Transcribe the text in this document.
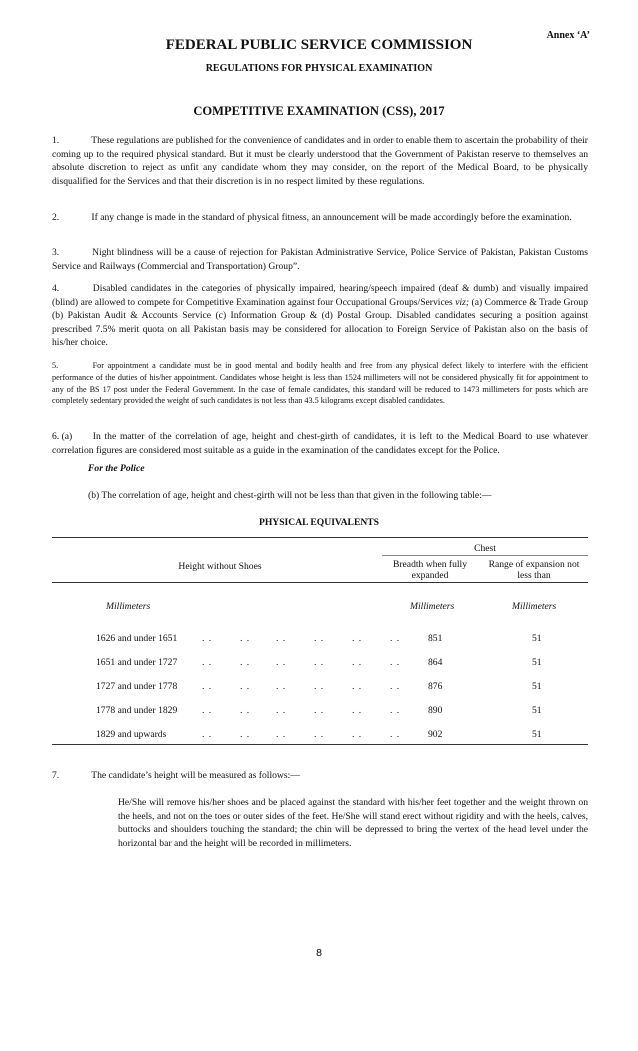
Annex ‘A’
FEDERAL PUBLIC SERVICE COMMISSION
REGULATIONS FOR PHYSICAL EXAMINATION
COMPETITIVE EXAMINATION (CSS), 2017
1.	These regulations are published for the convenience of candidates and in order to enable them to ascertain the probability of their coming up to the required physical standard. But it must be clearly understood that the Government of Pakistan reserve to themselves an absolute discretion to reject as unfit any candidate whom they may consider, on the report of the Medical Board, to be physically disqualified for the Services and that their discretion is in no respect limited by these regulations.
2.	If any change is made in the standard of physical fitness, an announcement will be made accordingly before the examination.
3.	Night blindness will be a cause of rejection for Pakistan Administrative Service, Police Service of Pakistan, Pakistan Customs Service and Railways (Commercial and Transportation) Group”.
4.	Disabled candidates in the categories of physically impaired, hearing/speech impaired (deaf & dumb) and visually impaired (blind) are allowed to compete for Competitive Examination against four Occupational Groups/Services viz; (a) Commerce & Trade Group (b) Pakistan Audit & Accounts Service (c) Information Group & (d) Postal Group. Disabled candidates securing a position against prescribed 7.5% merit quota on all Pakistan basis may be considered for allocation to Foreign Service of Pakistan also on the basis of his/her choice.
5.	For appointment a candidate must be in good mental and bodily health and free from any physical defect likely to interfere with the efficient performance of the duties of his/her appointment. Candidates whose height is less than 1524 millimeters will not be considered physically fit for appointment to any of the BS 17 post under the Federal Government. In the case of female candidates, this standard will be reduced to 1473 millimeters for posts which are completely sedentary provided the weight of such candidates is not less than 43.5 kilograms except disabled candidates.
6. (a) In the matter of the correlation of age, height and chest-girth of candidates, it is left to the Medical Board to use whatever correlation figures are considered most suitable as a guide in the examination of the candidates except for the Police.
For the Police
(b) The correlation of age, height and chest-girth will not be less than that given in the following table:—
PHYSICAL EQUIVALENTS
Chest
Height without Shoes	Breadth when fully expanded
Range of expansion not less than
Millimeters	Millimeters	Millimeters
1626 and under 1651	. .	. .	. .	. .	. .	. .	851	51
1651 and under 1727	. .	. .	. .	. .	. .	. .	864	51
1727 and under 1778	. .	. .	. .	. .	. .	. .	876	51
1778 and under 1829	. .	. .	. .	. .	. .	. .	890	51
1829 and upwards	. .	. .	. .	. .	. .	. .	902	51
7.	The candidate’s height will be measured as follows:—
He/She will remove his/her shoes and be placed against the standard with his/her feet together and the weight thrown on the heels, and not on the toes or outer sides of the feet. He/She will stand erect without rigidity and with the heels, calves, buttocks and shoulders touching the standard; the chin will be depressed to bring the vertex of the head level under the horizontal bar and the height will be recorded in millimeters.
8
